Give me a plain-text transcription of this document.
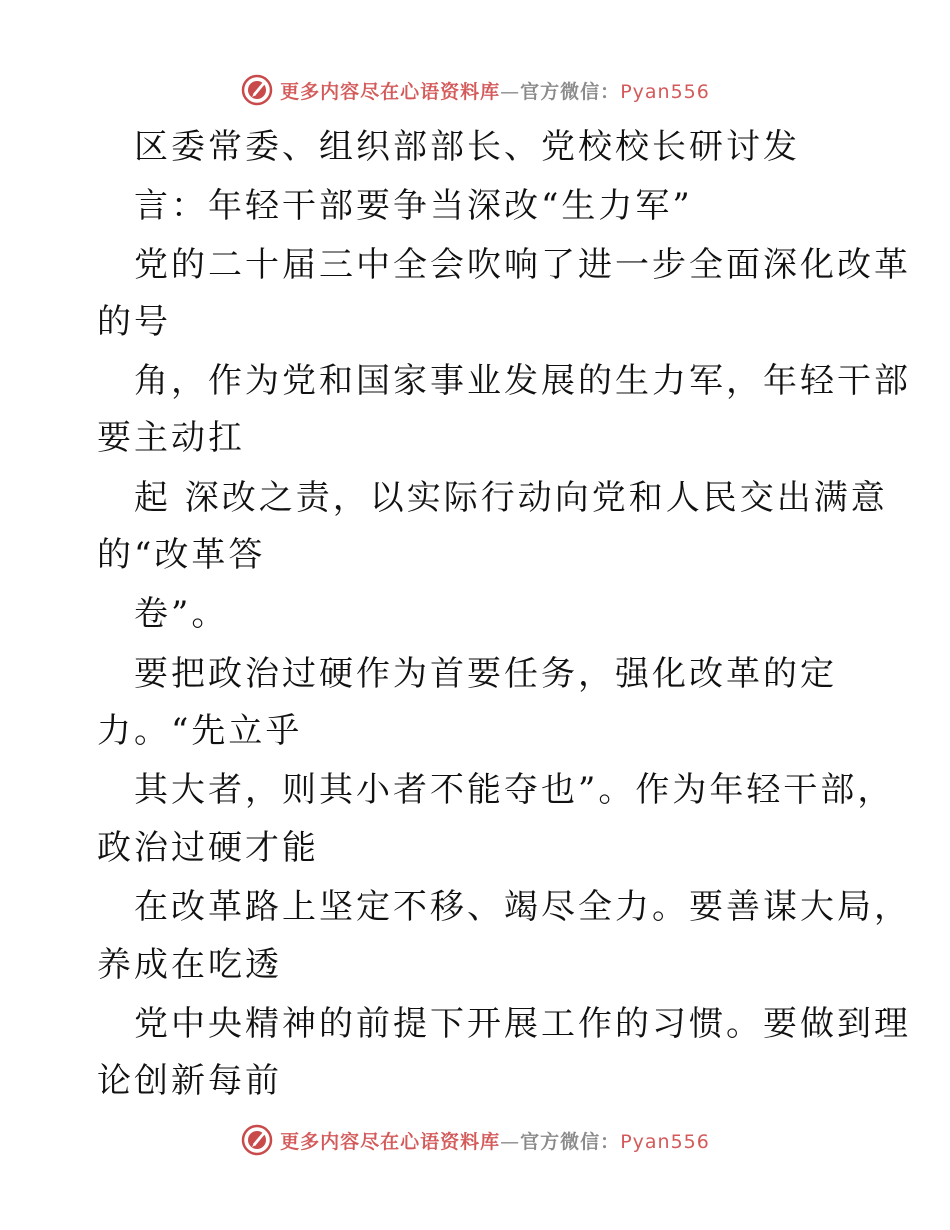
更多内容尽在心语资料库—官方微信：Pyan556
区委常委、组织部部长、党校校长研讨发
言：年轻干部要争当深改“生力军”
党的二十届三中全会吹响了进一步全面深化改革
的号
角，作为党和国家事业发展的生力军，年轻干部
要主动扛
起 深改之责，以实际行动向党和人民交出满意
的“改革答
卷”。
要把政治过硬作为首要任务，强化改革的定
力。“先立乎
其大者，则其小者不能夺也”。作为年轻干部，
政治过硬才能
在改革路上坚定不移、竭尽全力。要善谋大局，
养成在吃透
党中央精神的前提下开展工作的习惯。要做到理
论创新每前
更多内容尽在心语资料库—官方微信：Pyan556
